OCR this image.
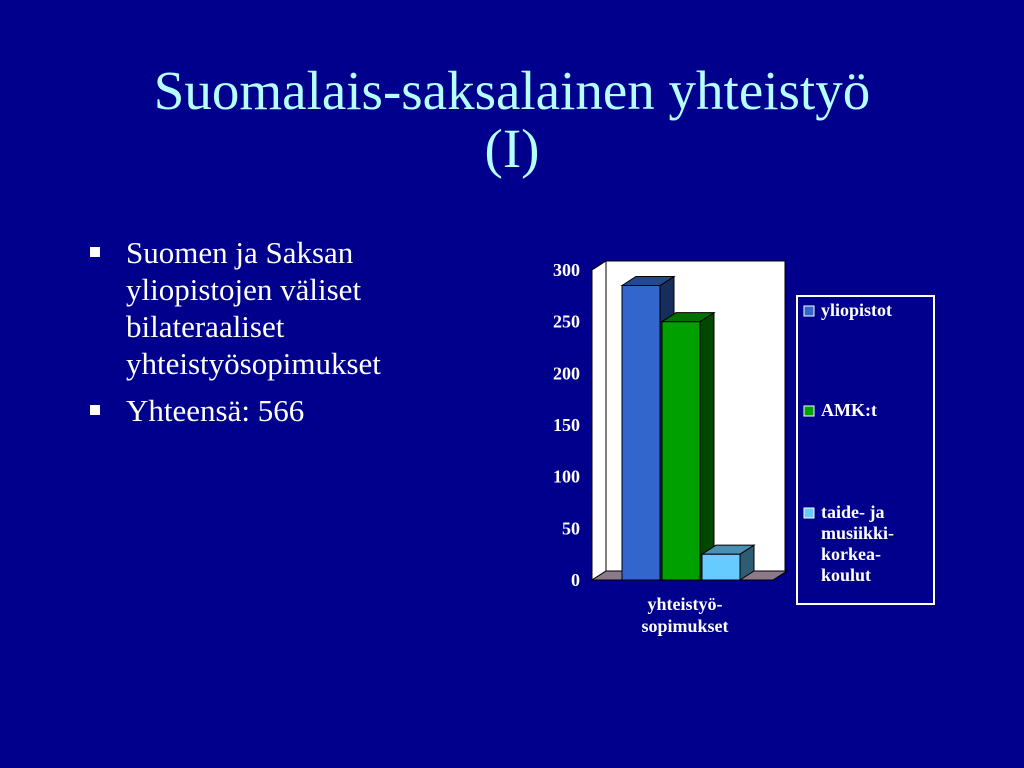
Suomalais-saksalainen yhteistyö
(I)
Suomen ja Saksan yliopistojen väliset bilateraaliset yhteistyösopimukset
Yhteensä: 566
0
50
100
150
200
250
300
yhteistyö-
sopimukset
yliopistot
AMK:t
taide- ja
musiikki-
korkea-
koulut
